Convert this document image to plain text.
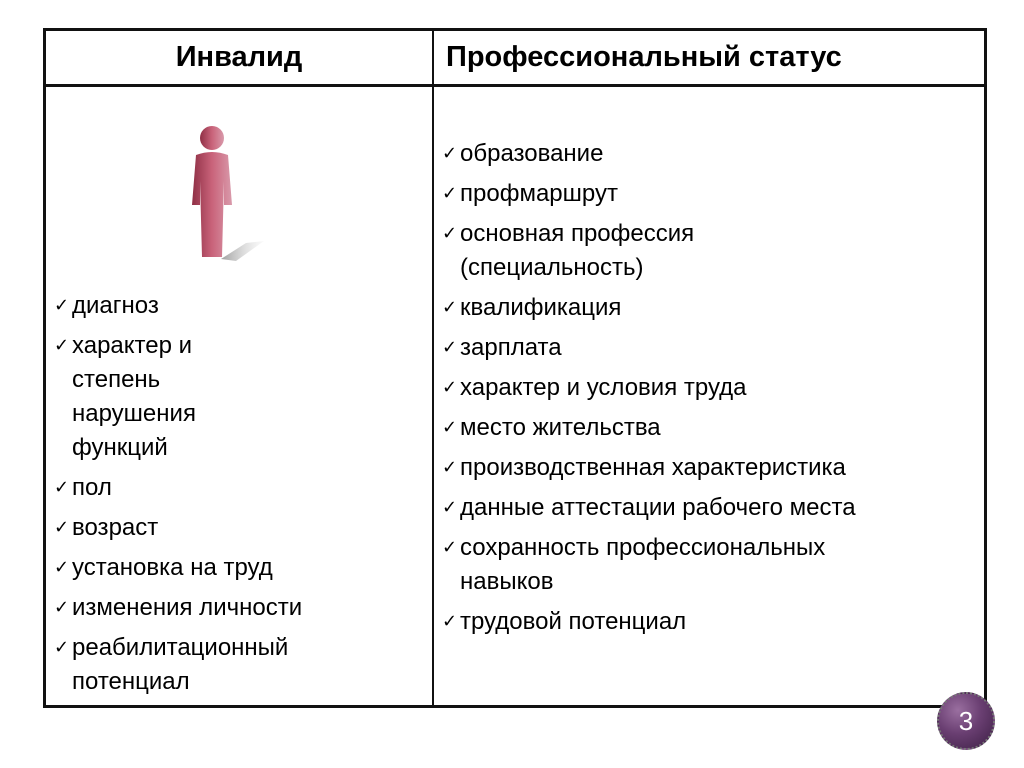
Инвалид	Профессиональный статус
✓ диагноз
✓ характер и
степень
нарушения
функций
✓ пол
✓ возраст
✓ установка на труд
✓ изменения личности
✓ реабилитационный
потенциал
✓ образование
✓ профмаршрут
✓ основная профессия
(специальность)
✓ квалификация
✓ зарплата
✓ характер и условия труда
✓ место жительства
✓ производственная характеристика
✓ данные аттестации рабочего места
✓ сохранность профессиональных
навыков
✓ трудовой потенциал
3
